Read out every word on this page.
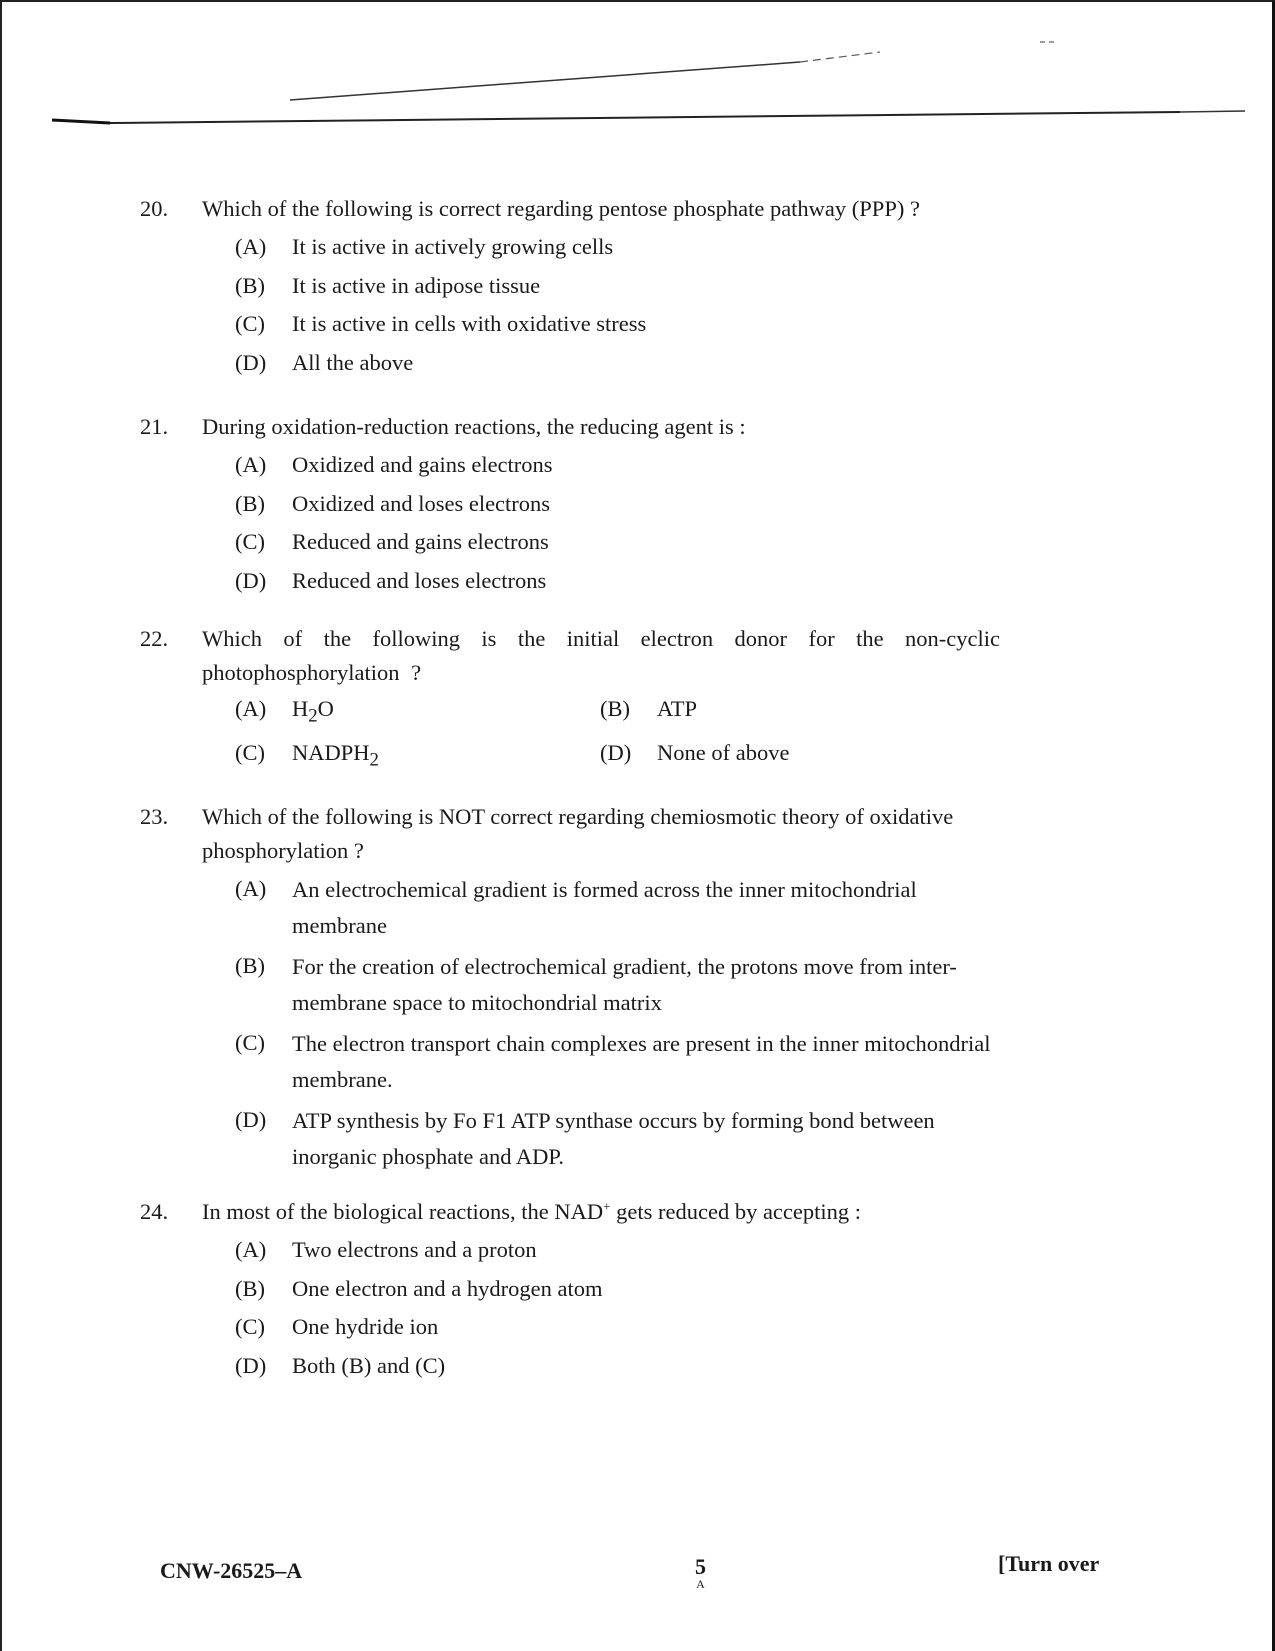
20.	Which of the following is correct regarding pentose phosphate pathway (PPP) ?
(A)	It is active in actively growing cells
(B)	It is active in adipose tissue
(C)	It is active in cells with oxidative stress
(D)	All the above
21.	During oxidation-reduction reactions, the reducing agent is :
(A)	Oxidized and gains electrons
(B)	Oxidized and loses electrons
(C)	Reduced and gains electrons
(D)	Reduced and loses electrons
22.	Which of the following is the initial electron donor for the non-cyclic photophosphorylation ?
(A)	$H_2O$	(B)	ATP
(C)	$NADPH_2$	(D)	None of above
23.	Which of the following is NOT correct regarding chemiosmotic theory of oxidative phosphorylation ?
(A)	An electrochemical gradient is formed across the inner mitochondrial membrane
(B)	For the creation of electrochemical gradient, the protons move from inter-membrane space to mitochondrial matrix
(C)	The electron transport chain complexes are present in the inner mitochondrial membrane.
(D)	ATP synthesis by Fo F1 ATP synthase occurs by forming bond between inorganic phosphate and ADP.
24.	In most of the biological reactions, the NAD+ gets reduced by accepting :
(A)	Two electrons and a proton
(B)	One electron and a hydrogen atom
(C)	One hydride ion
(D)	Both (B) and (C)
CNW-26525–A	5
A
[Turn over
